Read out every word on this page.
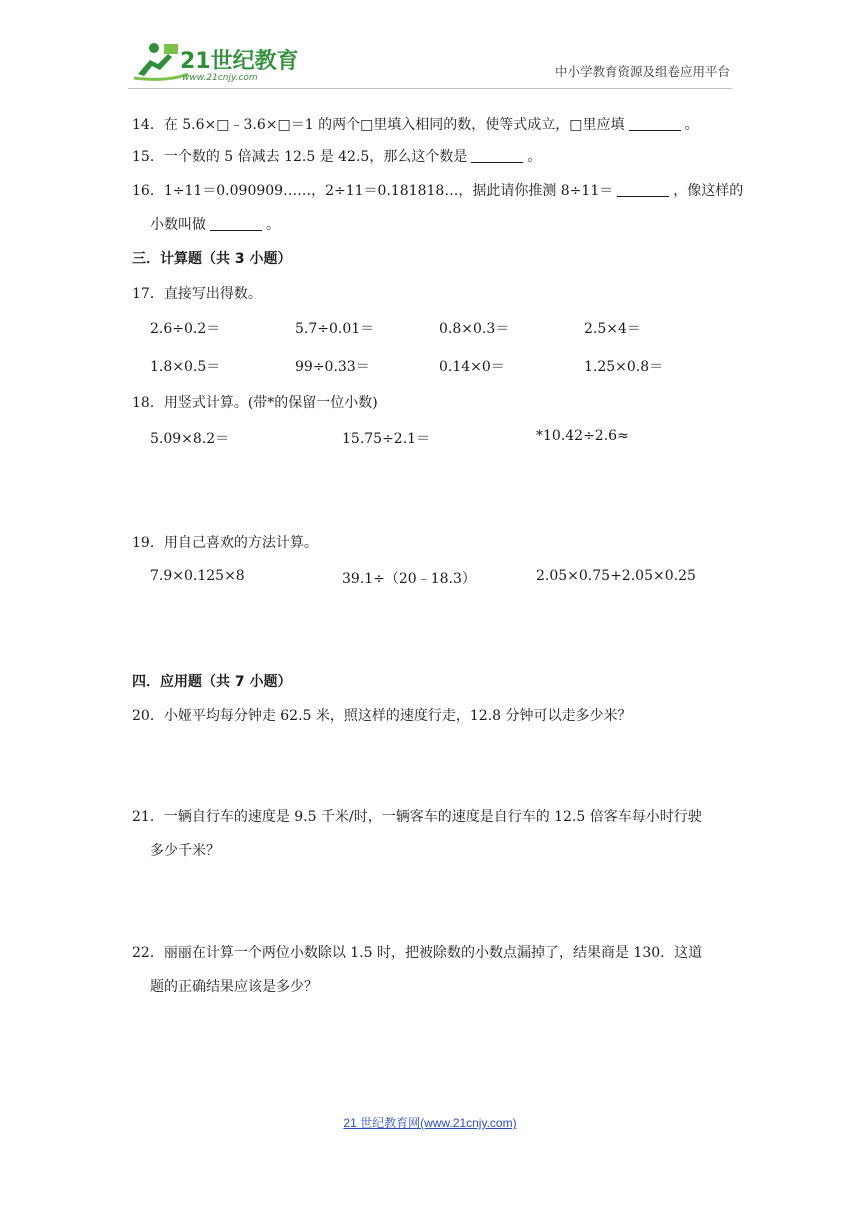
21世纪教育
www.21cnjy.com	中小学教育资源及组卷应用平台
14．在 5.6×□﹣3.6×□＝1 的两个□里填入相同的数，使等式成立，□里应填	。
15．一个数的 5 倍减去 12.5 是 42.5，那么这个数是	。
16．1÷11＝0.090909……，2÷11＝0.181818…，据此请你推测 8÷11＝	，像这样的
小数叫做	。
三．计算题（共 3 小题）
17．直接写出得数。
2.6÷0.2＝	5.7÷0.01＝	0.8×0.3＝	2.5×4＝
1.8×0.5＝	99÷0.33＝	0.14×0＝	1.25×0.8＝
18．用竖式计算。(带*的保留一位小数)
5.09×8.2＝	15.75÷2.1＝	*10.42÷2.6≈
19．用自己喜欢的方法计算。
7.9×0.125×8	39.1÷（20﹣18.3）	2.05×0.75+2.05×0.25
四．应用题（共 7 小题）
20．小娅平均每分钟走 62.5 米，照这样的速度行走，12.8 分钟可以走多少米？
21．一辆自行车的速度是 9.5 千米/时，一辆客车的速度是自行车的 12.5 倍客车每小时行驶
多少千米？
22．丽丽在计算一个两位小数除以 1.5 时，把被除数的小数点漏掉了，结果商是 130．这道
题的正确结果应该是多少？
21 世纪教育网(www.21cnjy.com)
